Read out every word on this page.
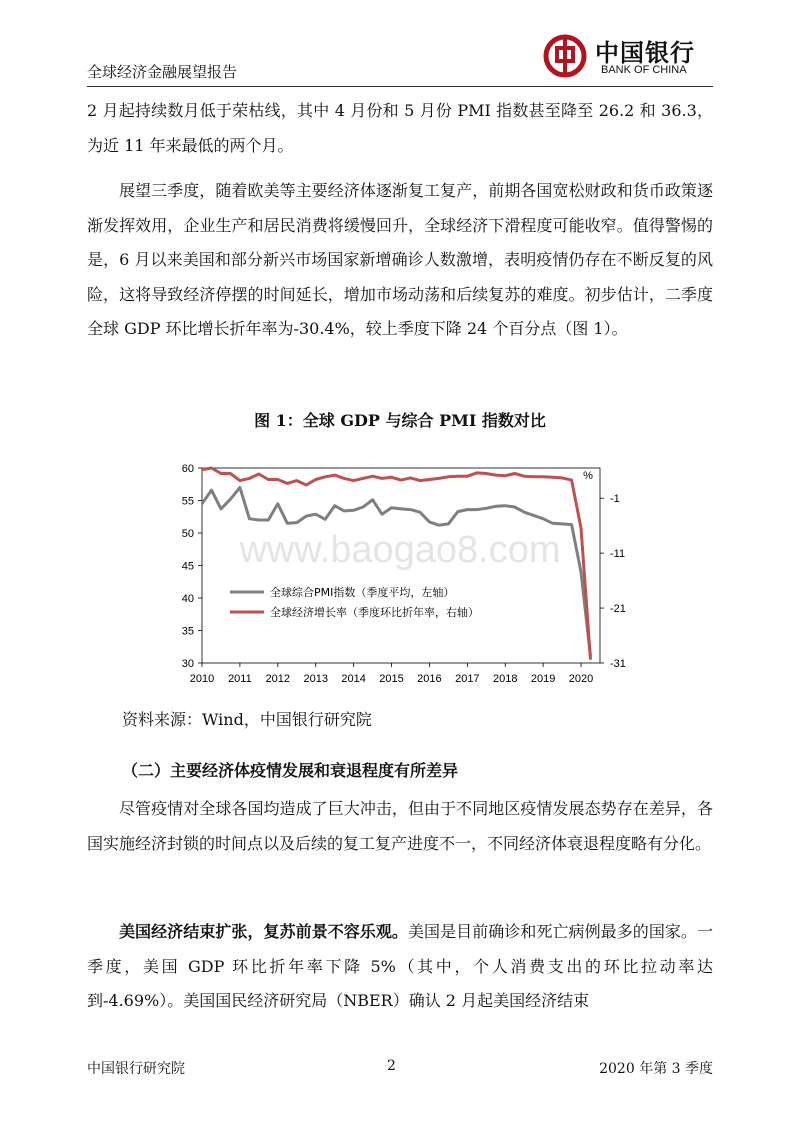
全球经济金融展望报告
中国银行
BANK OF CHINA

2 月起持续数月低于荣枯线，其中 4 月份和 5 月份 PMI 指数甚至降至 26.2 和 36.3，为近 11 年来最低的两个月。

展望三季度，随着欧美等主要经济体逐渐复工复产，前期各国宽松财政和货币政策逐渐发挥效用，企业生产和居民消费将缓慢回升，全球经济下滑程度可能收窄。值得警惕的是，6 月以来美国和部分新兴市场国家新增确诊人数激增，表明疫情仍存在不断反复的风险，这将导致经济停摆的时间延长，增加市场动荡和后续复苏的难度。初步估计，二季度全球 GDP 环比增长折年率为-30.4%，较上季度下降 24 个百分点（图 1）。

图 1：全球 GDP 与综合 PMI 指数对比
60
55
50
45
40
35
30
-1
-11
-21
-31
%
2010 2011 2012 2013 2014 2015 2016 2017 2018 2019 2020
www.baogao8.com
全球综合PMI指数（季度平均，左轴）
全球经济增长率（季度环比折年率，右轴）
资料来源：Wind，中国银行研究院
（二）主要经济体疫情发展和衰退程度有所差异

尽管疫情对全球各国均造成了巨大冲击，但由于不同地区疫情发展态势存在差异，各国实施经济封锁的时间点以及后续的复工复产进度不一，不同经济体衰退程度略有分化。

美国经济结束扩张，复苏前景不容乐观。美国是目前确诊和死亡病例最多的国家。一季度，美国 GDP 环比折年率下降 5%（其中，个人消费支出的环比拉动率达到-4.69%）。美国国民经济研究局（NBER）确认 2 月起美国经济结束

中国银行研究院	2	2020 年第 3 季度
